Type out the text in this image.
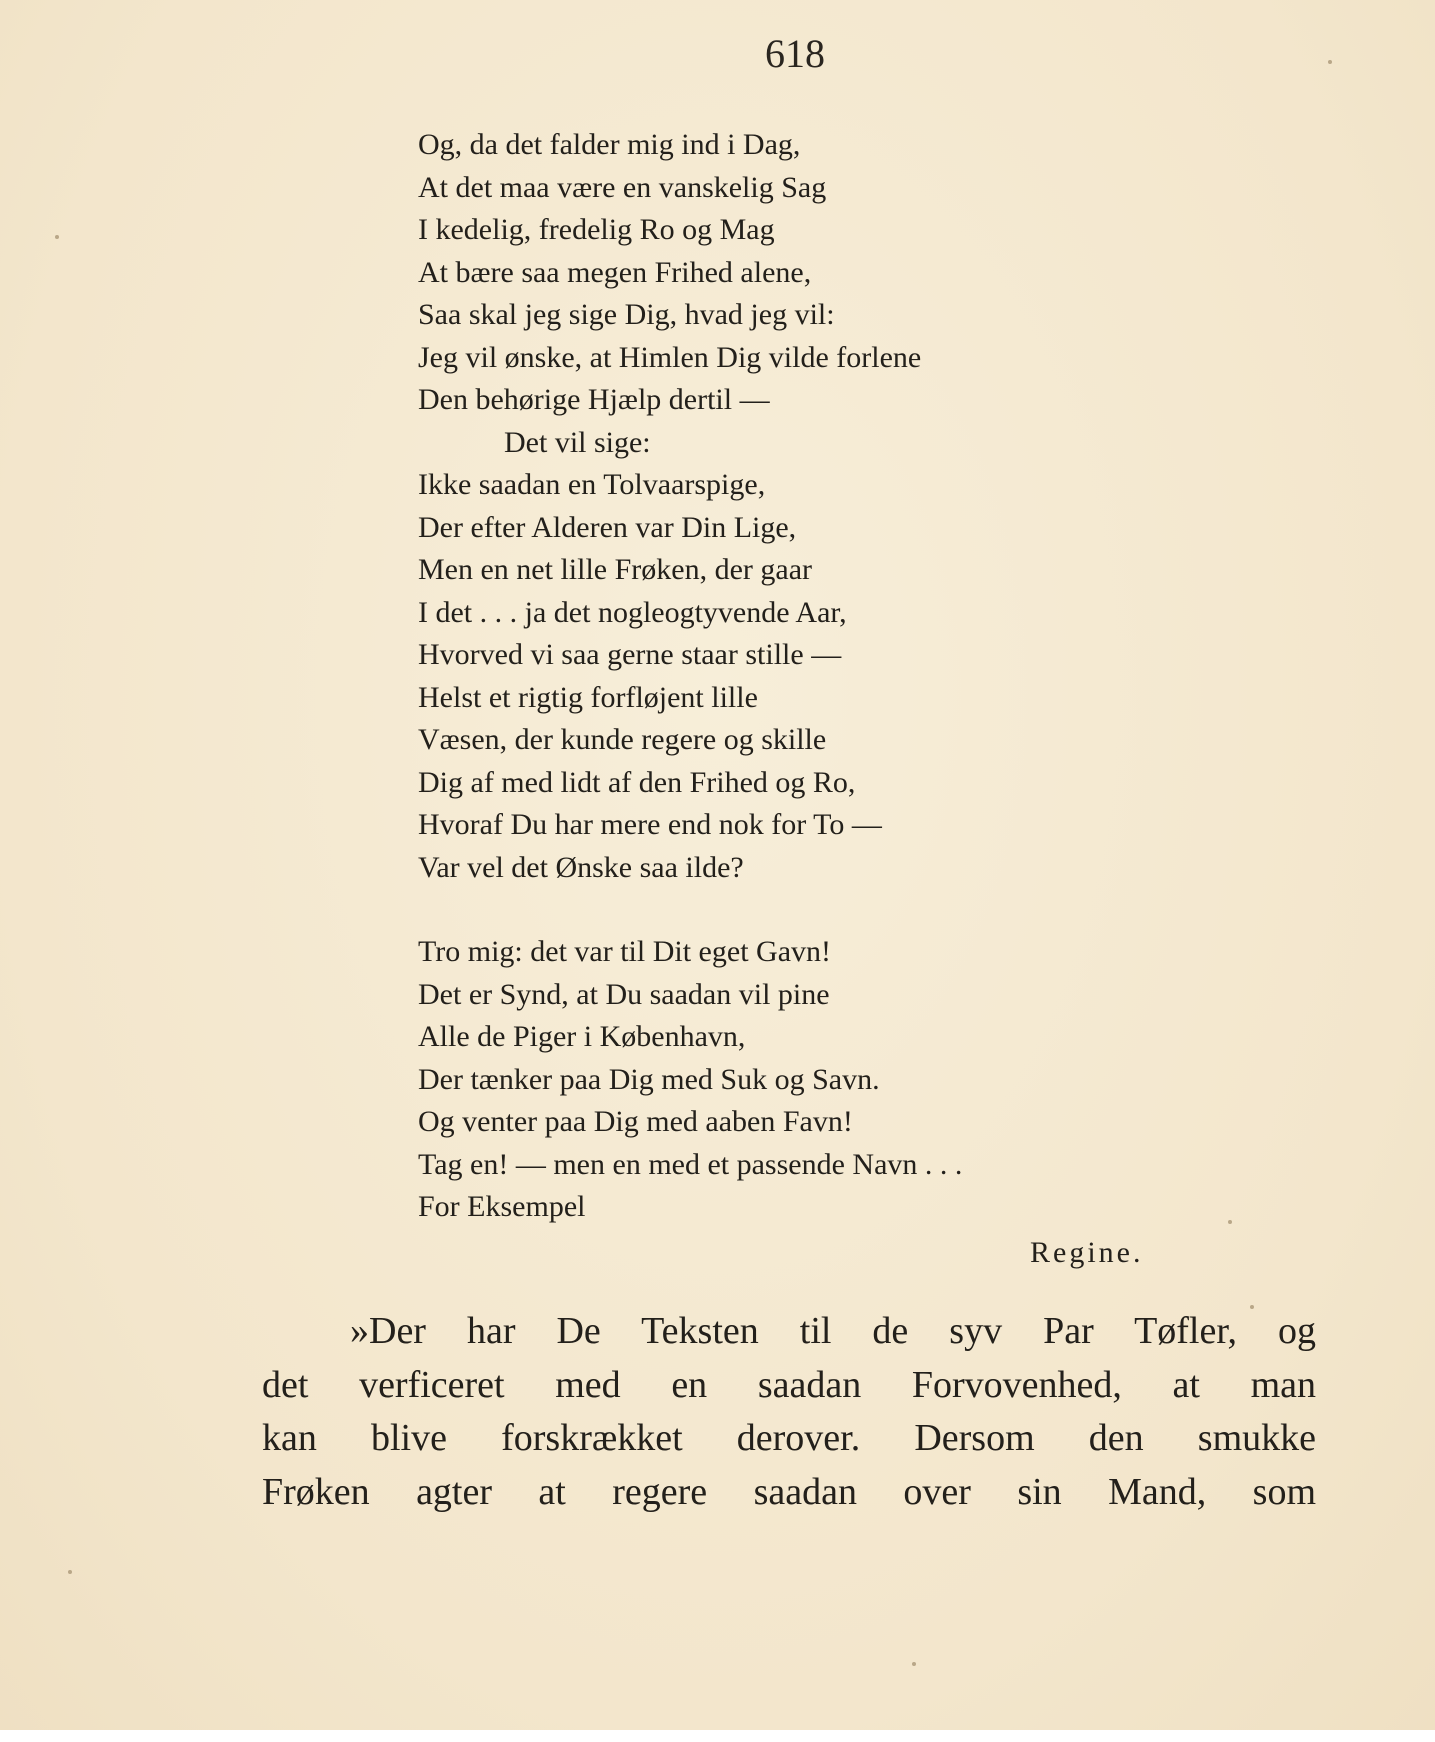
618
Og, da det falder mig ind i Dag,
At det maa være en vanskelig Sag
I kedelig, fredelig Ro og Mag
At bære saa megen Frihed alene,
Saa skal jeg sige Dig, hvad jeg vil:
Jeg vil ønske, at Himlen Dig vilde forlene
Den behørige Hjælp dertil —
Det vil sige:
Ikke saadan en Tolvaarspige,
Der efter Alderen var Din Lige,
Men en net lille Frøken, der gaar
I det . . . ja det nogleogtyvende Aar,
Hvorved vi saa gerne staar stille —
Helst et rigtig forfløjent lille
Væsen, der kunde regere og skille
Dig af med lidt af den Frihed og Ro,
Hvoraf Du har mere end nok for To —
Var vel det Ønske saa ilde?
Tro mig: det var til Dit eget Gavn!
Det er Synd, at Du saadan vil pine
Alle de Piger i København,
Der tænker paa Dig med Suk og Savn.
Og venter paa Dig med aaben Favn!
Tag en! — men en med et passende Navn . . .
For Eksempel
Regine.
»Der har De Teksten til de syv Par Tøfler, og
det verficeret med en saadan Forvovenhed, at man
kan blive forskrækket derover. Dersom den smukke
Frøken agter at regere saadan over sin Mand, som
